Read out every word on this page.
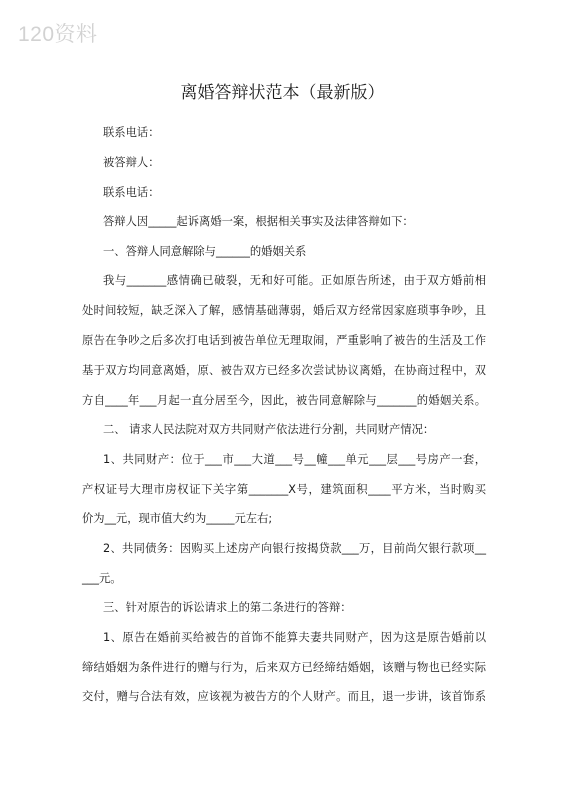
120资料
离婚答辩状范本（最新版）
联系电话：
被答辩人：
联系电话：
答辩人因_____起诉离婚一案，根据相关事实及法律答辩如下：
一、答辩人同意解除与______的婚姻关系
我与_______感情确已破裂，无和好可能。正如原告所述，由于双方婚前相
处时间较短，缺乏深入了解，感情基础薄弱，婚后双方经常因家庭琐事争吵，且
原告在争吵之后多次打电话到被告单位无理取闹，严重影响了被告的生活及工作
基于双方均同意离婚，原、被告双方已经多次尝试协议离婚，在协商过程中，双
方自____年___月起一直分居至今，因此，被告同意解除与_______的婚姻关系。
二、 请求人民法院对双方共同财产依法进行分割，共同财产情况：
1、共同财产：位于___市___大道___号__幢___单元___层___号房产一套，
产权证号大理市房权证下关字第_______X号，建筑面积____平方米，当时购买
价为__元，现市值大约为_____元左右;
2、共同债务：因购买上述房产向银行按揭贷款___万，目前尚欠银行款项__
___元。
三、针对原告的诉讼请求上的第二条进行的答辩：
1、原告在婚前买给被告的首饰不能算夫妻共同财产，因为这是原告婚前以
缔结婚姻为条件进行的赠与行为，后来双方已经缔结婚姻，该赠与物也已经实际
交付，赠与合法有效，应该视为被告方的个人财产。而且，退一步讲，该首饰系
